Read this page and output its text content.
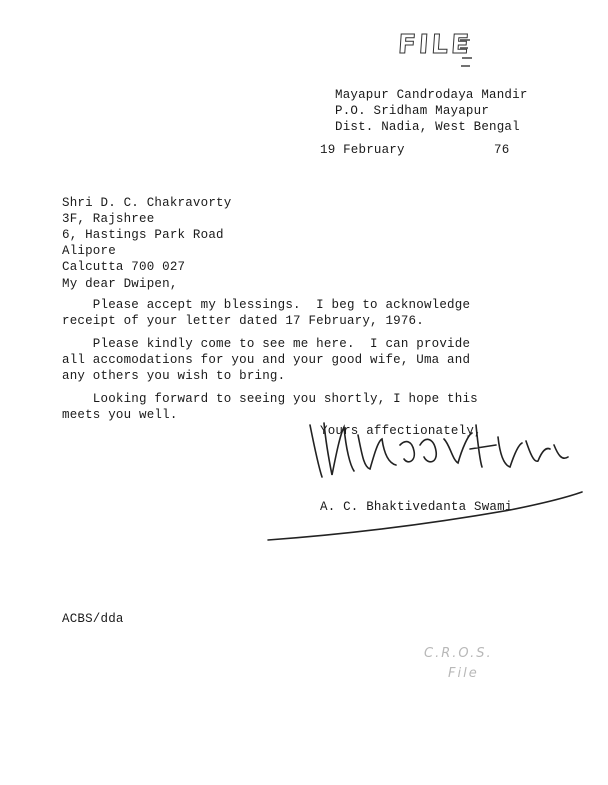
FILE
Mayapur Candrodaya Mandir
P.O. Sridham Mayapur
Dist. Nadia, West Bengal
19 February	76
Shri D. C. Chakravorty
3F, Rajshree
6, Hastings Park Road
Alipore
Calcutta 700 027
My dear Dwipen,
Please accept my blessings.  I beg to acknowledge
receipt of your letter dated 17 February, 1976.
Please kindly come to see me here.  I can provide
all accomodations for you and your good wife, Uma and
any others you wish to bring.
Looking forward to seeing you shortly, I hope this
meets you well.
Yours affectionately,
A. C. Bhaktivedanta Swami
ACBS/dda
C.R.O.S.
File
